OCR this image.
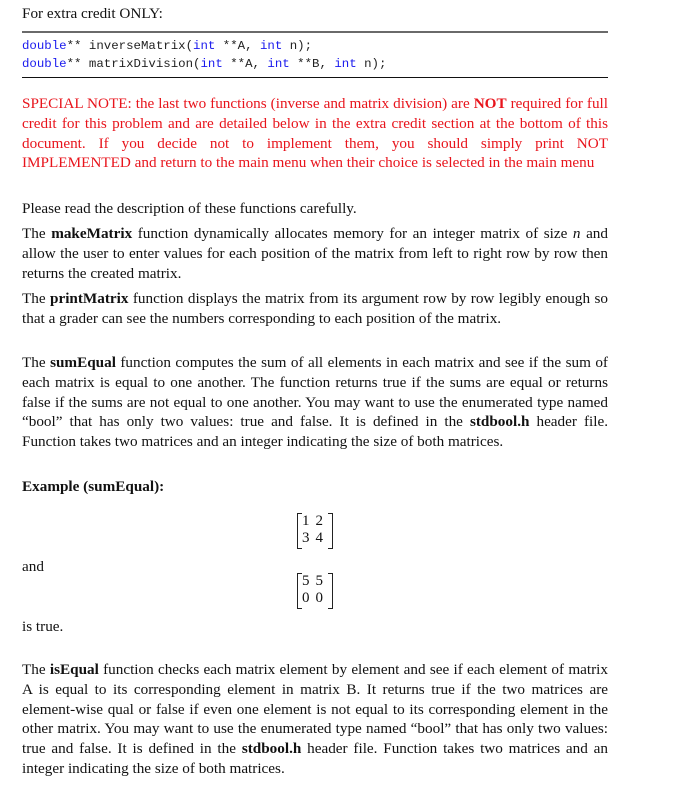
For extra credit ONLY:
double** inverseMatrix(int **A, int n);
double** matrixDivision(int **A, int **B, int n);
SPECIAL NOTE: the last two functions (inverse and matrix division) are NOT required for full credit for this problem and are detailed below in the extra credit section at the bottom of this document. If you decide not to implement them, you should simply print NOT IMPLEMENTED and return to the main menu when their choice is selected in the main menu
Please read the description of these functions carefully.
The makeMatrix function dynamically allocates memory for an integer matrix of size n and allow the user to enter values for each position of the matrix from left to right row by row then returns the created matrix.
The printMatrix function displays the matrix from its argument row by row legibly enough so that a grader can see the numbers corresponding to each position of the matrix.
The sumEqual function computes the sum of all elements in each matrix and see if the sum of each matrix is equal to one another. The function returns true if the sums are equal or returns false if the sums are not equal to one another. You may want to use the enumerated type named “bool” that has only two values: true and false. It is defined in the stdbool.h header file. Function takes two matrices and an integer indicating the size of both matrices.
Example (sumEqual):
1 2
3 4
and
5 5
0 0
is true.
The isEqual function checks each matrix element by element and see if each element of matrix A is equal to its corresponding element in matrix B. It returns true if the two matrices are element-wise qual or false if even one element is not equal to its corresponding element in the other matrix. You may want to use the enumerated type named “bool” that has only two values: true and false. It is defined in the stdbool.h header file. Function takes two matrices and an integer indicating the size of both matrices.
